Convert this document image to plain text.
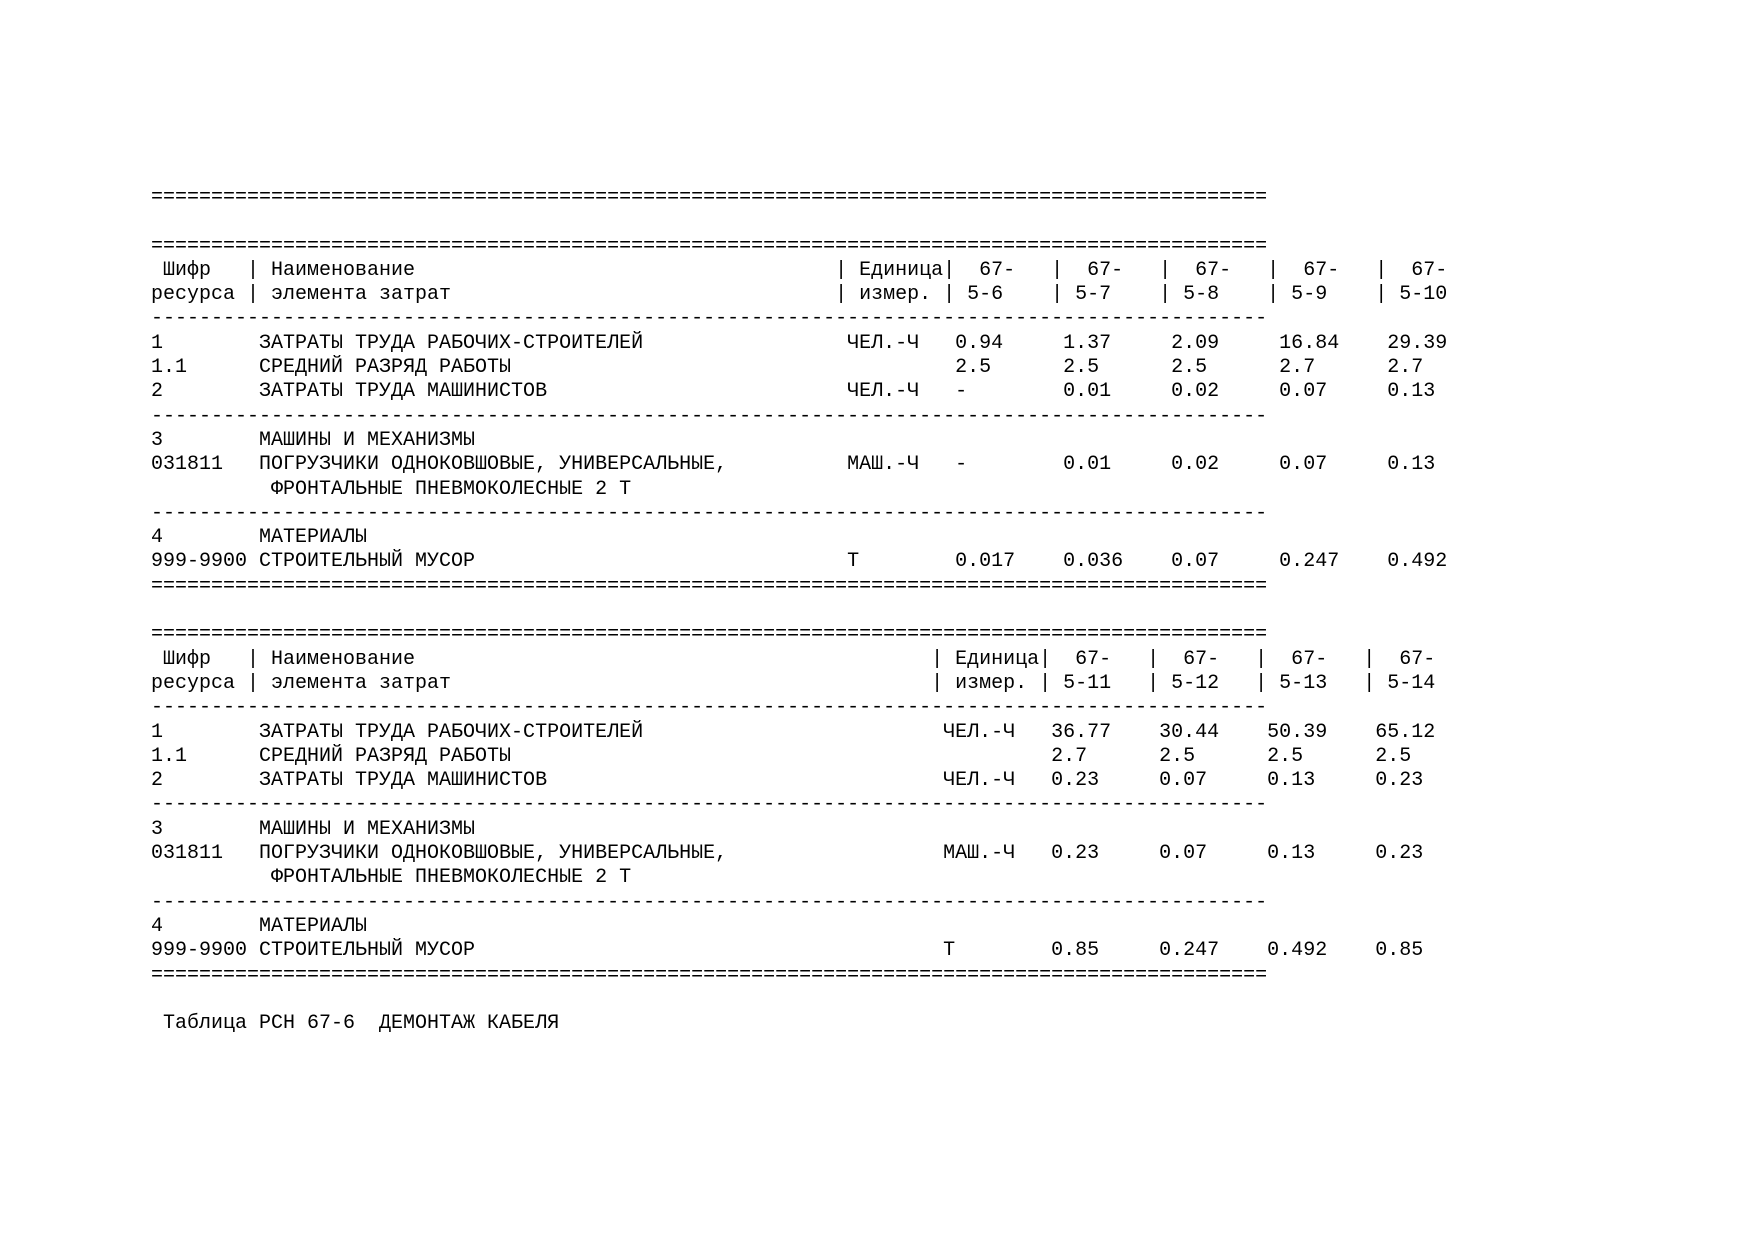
=============================================================================================
=============================================================================================
Шифр   | Наименование                                   | Единица|  67-   |  67-   |  67-   |  67-   |  67-
ресурса | элемента затрат                                | измер. | 5-6    | 5-7    | 5-8    | 5-9    | 5-10
---------------------------------------------------------------------------------------------
1        ЗАТРАТЫ ТРУДА РАБОЧИХ-СТРОИТЕЛЕЙ                 ЧЕЛ.-Ч   0.94     1.37     2.09     16.84    29.39
1.1      СРЕДНИЙ РАЗРЯД РАБОТЫ                                     2.5      2.5      2.5      2.7      2.7
2        ЗАТРАТЫ ТРУДА МАШИНИСТОВ                         ЧЕЛ.-Ч   -        0.01     0.02     0.07     0.13
---------------------------------------------------------------------------------------------
3        МАШИНЫ И МЕХАНИЗМЫ
031811   ПОГРУЗЧИКИ ОДНОКОВШОВЫЕ, УНИВЕРСАЛЬНЫЕ,          МАШ.-Ч   -        0.01     0.02     0.07     0.13
ФРОНТАЛЬНЫЕ ПНЕВМОКОЛЕСНЫЕ 2 Т
---------------------------------------------------------------------------------------------
4        МАТЕРИАЛЫ
999-9900 СТРОИТЕЛЬНЫЙ МУСОР                               Т        0.017    0.036    0.07     0.247    0.492
=============================================================================================
=============================================================================================
Шифр   | Наименование                                           | Единица|  67-   |  67-   |  67-   |  67-
ресурса | элемента затрат                                        | измер. | 5-11   | 5-12   | 5-13   | 5-14
---------------------------------------------------------------------------------------------
1        ЗАТРАТЫ ТРУДА РАБОЧИХ-СТРОИТЕЛЕЙ                         ЧЕЛ.-Ч   36.77    30.44    50.39    65.12
1.1      СРЕДНИЙ РАЗРЯД РАБОТЫ                                             2.7      2.5      2.5      2.5
2        ЗАТРАТЫ ТРУДА МАШИНИСТОВ                                 ЧЕЛ.-Ч   0.23     0.07     0.13     0.23
---------------------------------------------------------------------------------------------
3        МАШИНЫ И МЕХАНИЗМЫ
031811   ПОГРУЗЧИКИ ОДНОКОВШОВЫЕ, УНИВЕРСАЛЬНЫЕ,                  МАШ.-Ч   0.23     0.07     0.13     0.23
ФРОНТАЛЬНЫЕ ПНЕВМОКОЛЕСНЫЕ 2 Т
---------------------------------------------------------------------------------------------
4        МАТЕРИАЛЫ
999-9900 СТРОИТЕЛЬНЫЙ МУСОР                                       Т        0.85     0.247    0.492    0.85
=============================================================================================
Таблица РСН 67-6  ДЕМОНТАЖ КАБЕЛЯ
